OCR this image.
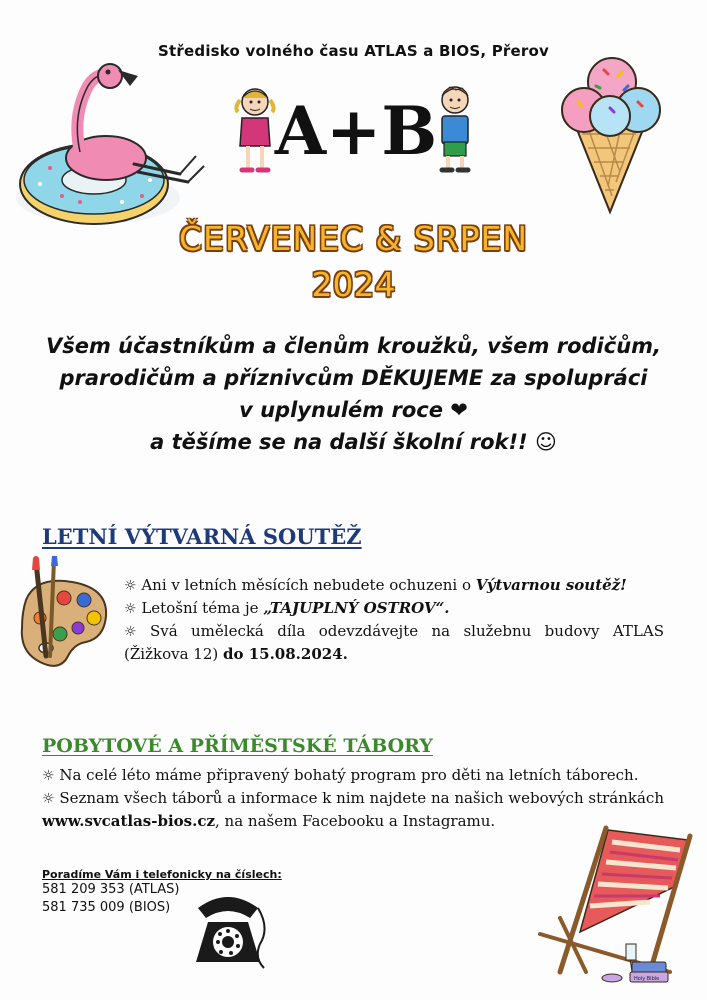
Středisko volného času ATLAS a BIOS, Přerov
A+B
ČERVENEC & SRPEN
2024
Všem účastníkům a členům kroužků, všem rodičům,
prarodičům a příznivcům DĚKUJEME za spolupráci
v uplynulém roce ❤
a těšíme se na další školní rok!! ☺
LETNÍ VÝTVARNÁ SOUTĚŽ

☼ Ani v letních měsících nebudete ochuzeni o Výtvarnou soutěž!

☼ Letošní téma je „TAJUPLNÝ OSTROV“.

☼ Svá umělecká díla odevzdávejte na služebnu budovy ATLAS (Žižkova 12) do 15.08.2024.

POBYTOVÉ A PŘÍMĚSTSKÉ TÁBORY

☼ Na celé léto máme připravený bohatý program pro děti na letních táborech.

☼ Seznam všech táborů a informace k nim najdete na našich webových stránkách www.svcatlas-bios.cz, na našem Facebooku a Instagramu.

Poradíme Vám i telefonicky na číslech:
581 209 353 (ATLAS)
581 735 009 (BIOS)
Holy Bible
